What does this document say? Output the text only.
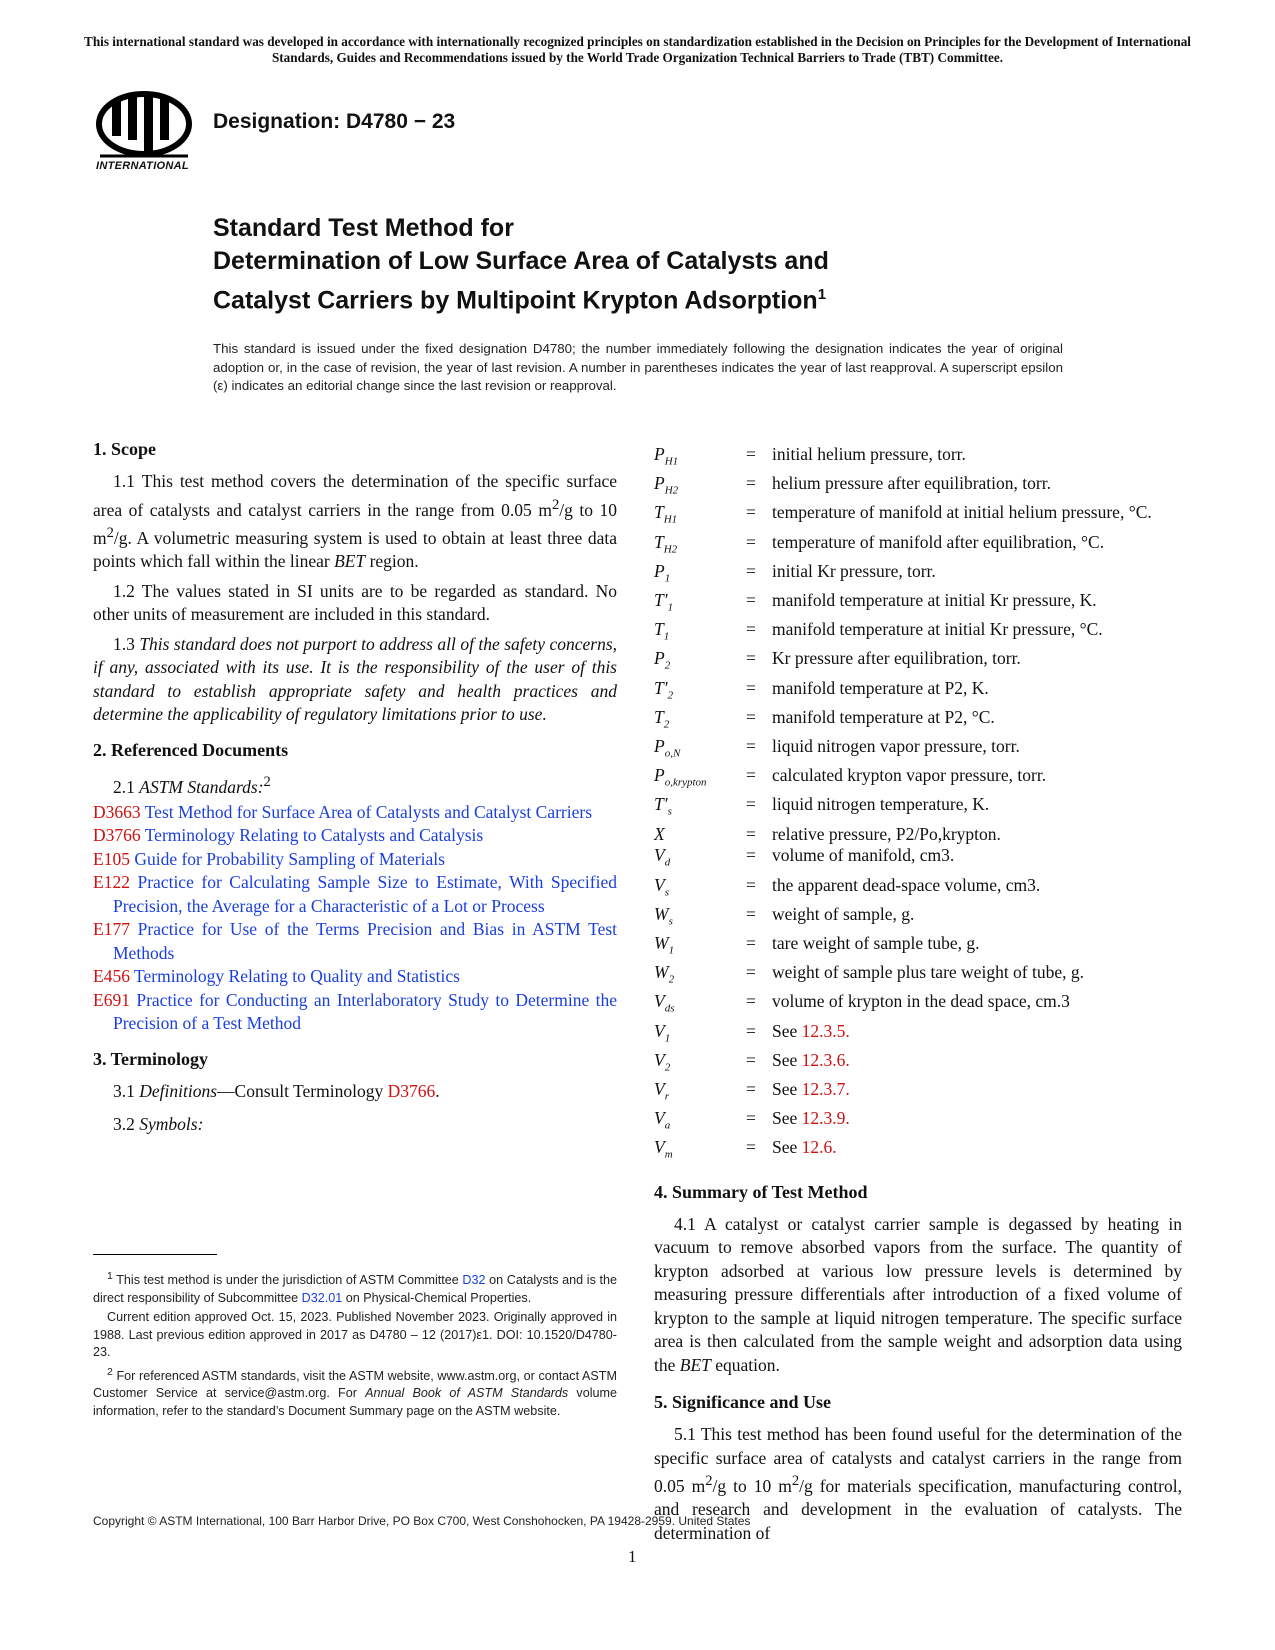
This international standard was developed in accordance with internationally recognized principles on standardization established in the Decision on Principles for the Development of International Standards, Guides and Recommendations issued by the World Trade Organization Technical Barriers to Trade (TBT) Committee.
INTERNATIONAL
Designation: D4780 − 23
Standard Test Method for
Determination of Low Surface Area of Catalysts and
Catalyst Carriers by Multipoint Krypton Adsorption$^1$
This standard is issued under the fixed designation D4780; the number immediately following the designation indicates the year of original adoption or, in the case of revision, the year of last revision. A number in parentheses indicates the year of last reapproval. A superscript epsilon (ε) indicates an editorial change since the last revision or reapproval.
1. Scope

1.1 This test method covers the determination of the specific surface area of catalysts and catalyst carriers in the range from 0.05 $m^2/g$ to 10 $m^2/g$. A volumetric measuring system is used to obtain at least three data points which fall within the linear BET region.

1.2 The values stated in SI units are to be regarded as standard. No other units of measurement are included in this standard.

1.3 This standard does not purport to address all of the safety concerns, if any, associated with its use. It is the responsibility of the user of this standard to establish appropriate safety and health practices and determine the applicability of regulatory limitations prior to use.

2. Referenced Documents

2.1 ASTM Standards:$^2$

D3663 Test Method for Surface Area of Catalysts and Catalyst Carriers
D3766 Terminology Relating to Catalysts and Catalysis
E105 Guide for Probability Sampling of Materials
E122 Practice for Calculating Sample Size to Estimate, With Specified Precision, the Average for a Characteristic of a Lot or Process
E177 Practice for Use of the Terms Precision and Bias in ASTM Test Methods
E456 Terminology Relating to Quality and Statistics
E691 Practice for Conducting an Interlaboratory Study to Determine the Precision of a Test Method
3. Terminology

3.1 Definitions—Consult Terminology D3766.

3.2 Symbols:

$P_{H1}$	=	initial helium pressure, torr.
$P_{H2}$	=	helium pressure after equilibration, torr.
$T_{H1}$	=	temperature of manifold at initial helium pressure, °C.
$T_{H2}$	=	temperature of manifold after equilibration, °C.
$P_1$	=	initial Kr pressure, torr.
$T'_1$	=	manifold temperature at initial Kr pressure, K.
$T_1$	=	manifold temperature at initial Kr pressure, °C.
$P_2$	=	Kr pressure after equilibration, torr.
$T'_2$	=	manifold temperature at P2, K.
$T_2$	=	manifold temperature at P2, °C.
$P_{o,N}$	=	liquid nitrogen vapor pressure, torr.
$P_{o,krypton}$	=	calculated krypton vapor pressure, torr.
$T'_s$	=	liquid nitrogen temperature, K.
X	=	relative pressure, P2/Po,krypton.
$V_d$	=	volume of manifold, cm3.
$V_s$	=	the apparent dead-space volume, cm3.
$W_s$	=	weight of sample, g.
$W_1$	=	tare weight of sample tube, g.
$W_2$	=	weight of sample plus tare weight of tube, g.
$V_{ds}$	=	volume of krypton in the dead space, cm.3
$V_1$	=	See 12.3.5.
$V_2$	=	See 12.3.6.
$V_r$	=	See 12.3.7.
$V_a$	=	See 12.3.9.
$V_m$	=	See 12.6.
4. Summary of Test Method

4.1 A catalyst or catalyst carrier sample is degassed by heating in vacuum to remove absorbed vapors from the surface. The quantity of krypton adsorbed at various low pressure levels is determined by measuring pressure differentials after introduction of a fixed volume of krypton to the sample at liquid nitrogen temperature. The specific surface area is then calculated from the sample weight and adsorption data using the BET equation.

5. Significance and Use

5.1 This test method has been found useful for the determination of the specific surface area of catalysts and catalyst carriers in the range from 0.05 $m^2/g$ to 10 $m^2/g$ for materials specification, manufacturing control, and research and development in the evaluation of catalysts. The determination of

$^1$ This test method is under the jurisdiction of ASTM Committee D32 on Catalysts and is the direct responsibility of Subcommittee D32.01 on Physical-Chemical Properties.

Current edition approved Oct. 15, 2023. Published November 2023. Originally approved in 1988. Last previous edition approved in 2017 as D4780 – 12 (2017)ε1. DOI: 10.1520/D4780-23.

$^2$ For referenced ASTM standards, visit the ASTM website, www.astm.org, or contact ASTM Customer Service at service@astm.org. For Annual Book of ASTM Standards volume information, refer to the standard’s Document Summary page on the ASTM website.

Copyright © ASTM International, 100 Barr Harbor Drive, PO Box C700, West Conshohocken, PA 19428-2959. United States
1
